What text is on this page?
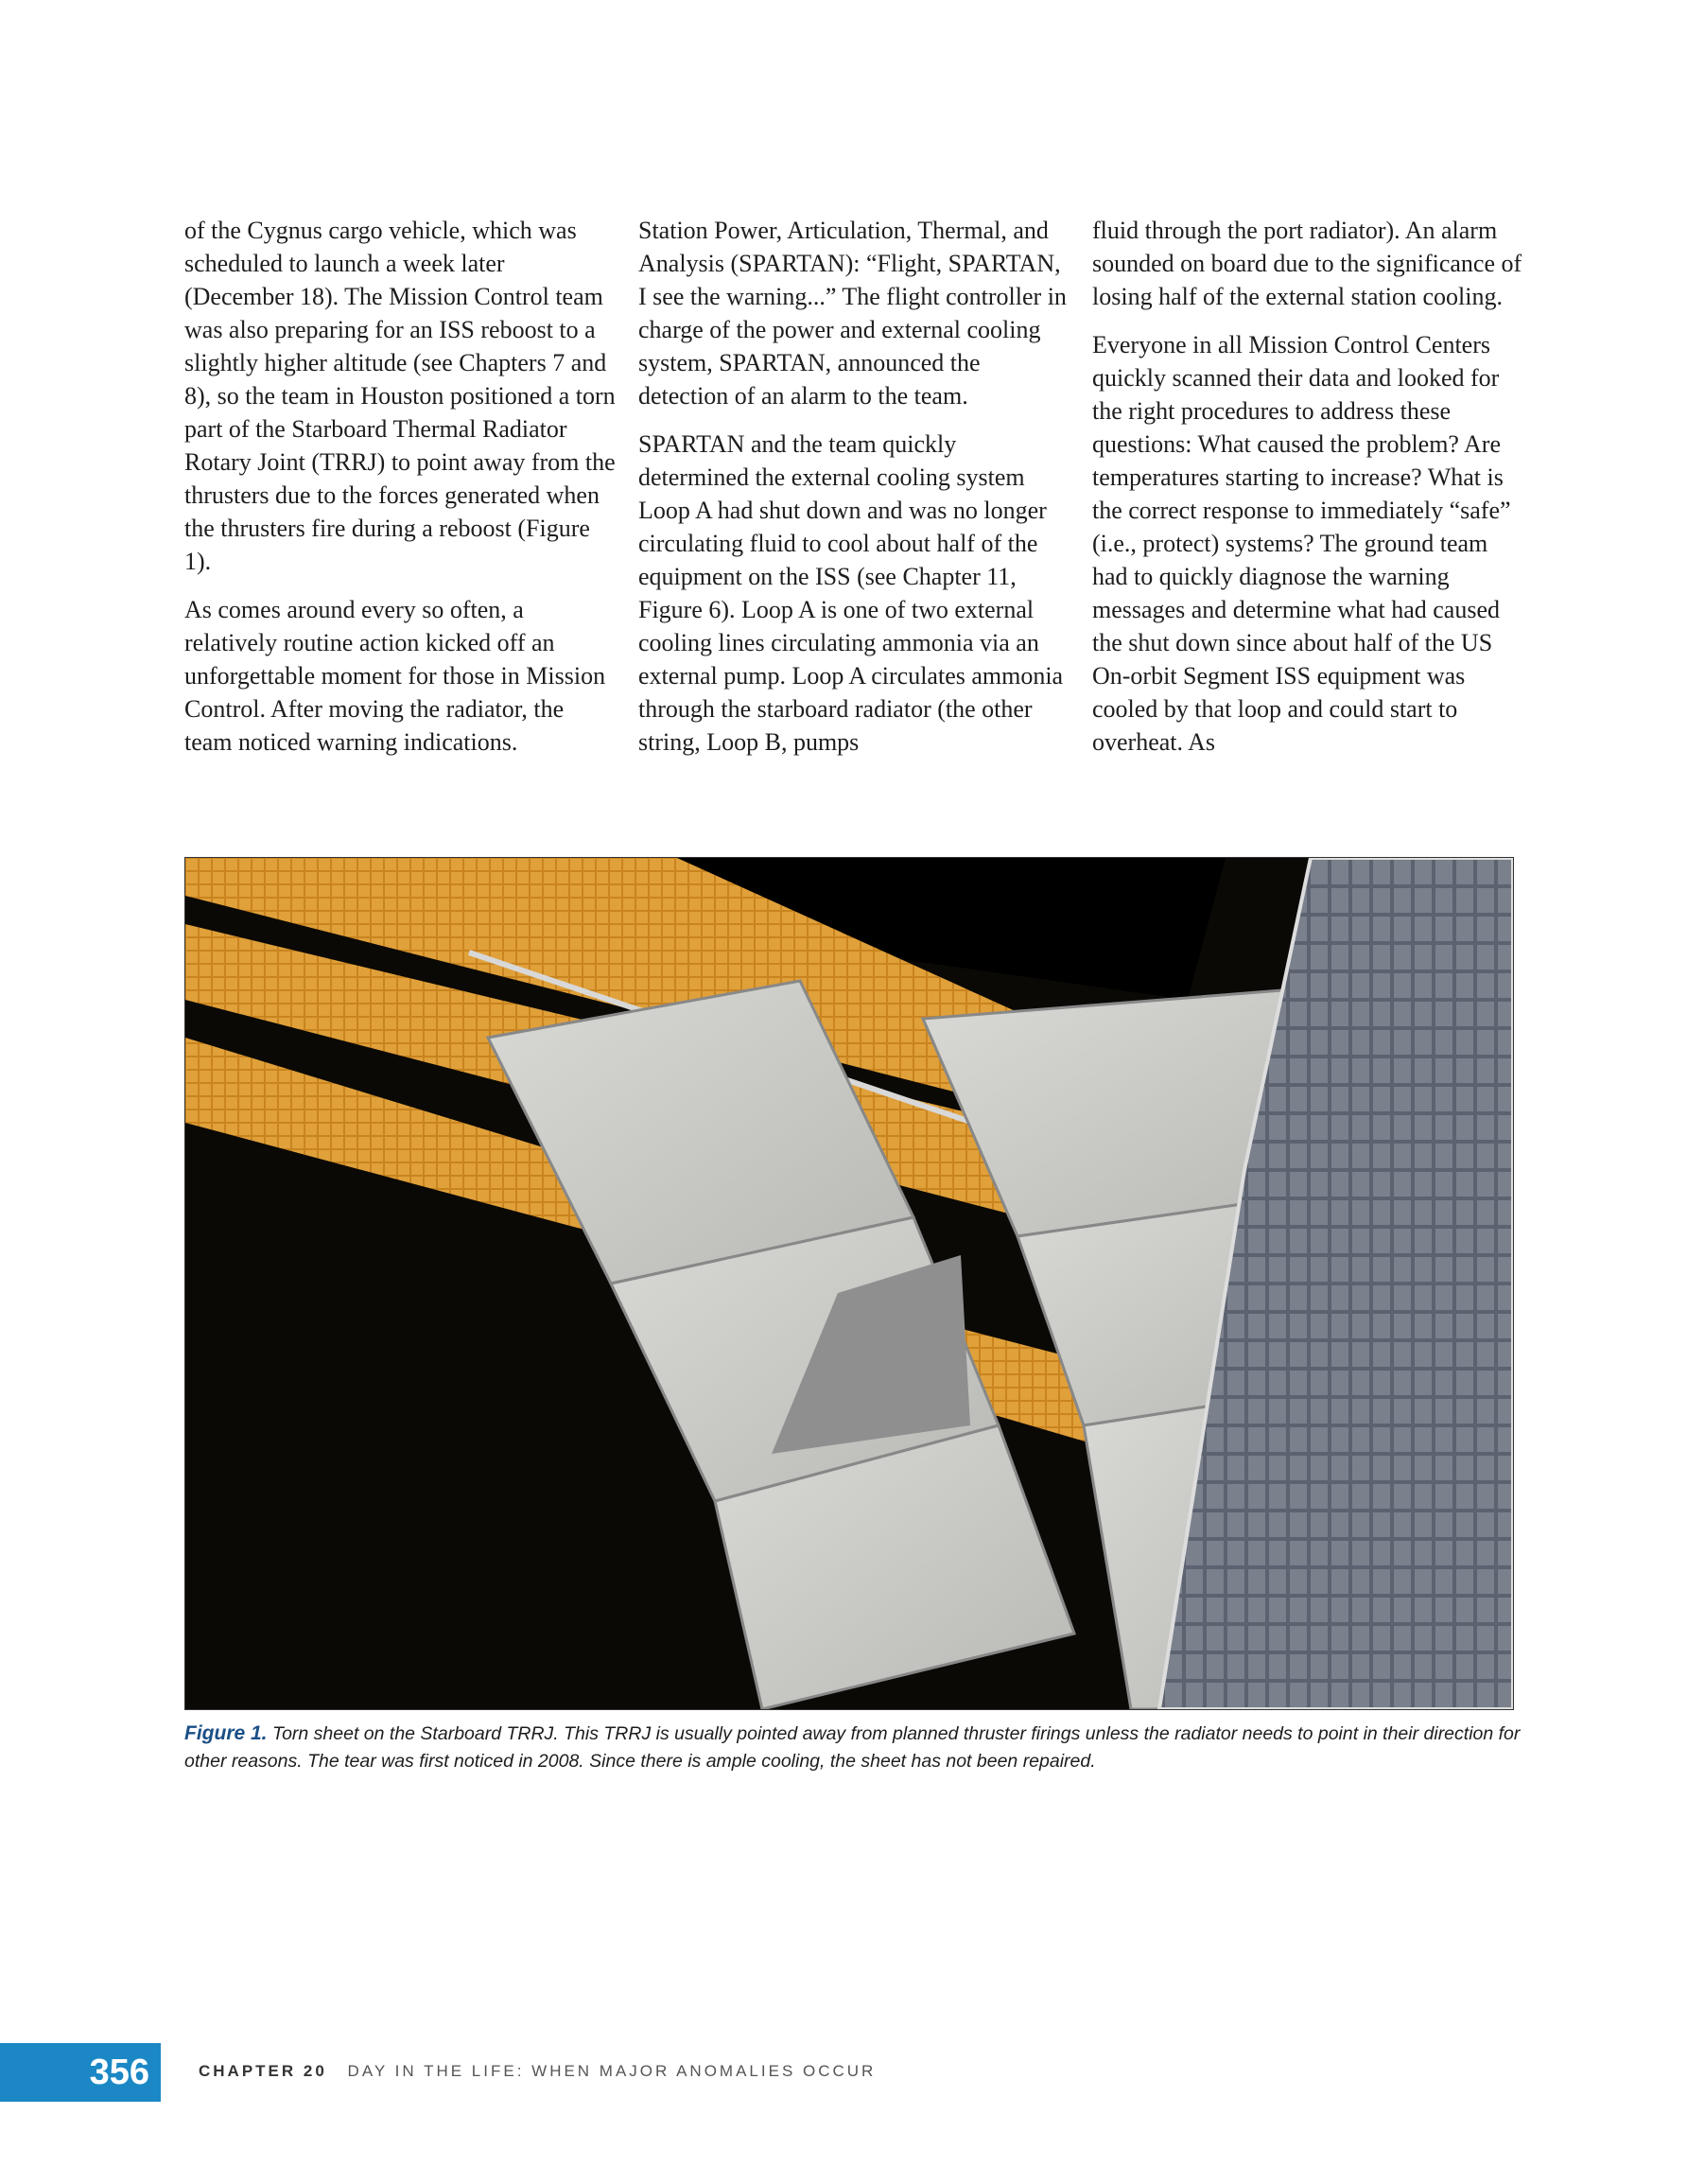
of the Cygnus cargo vehicle, which was scheduled to launch a week later (December 18). The Mission Control team was also preparing for an ISS reboost to a slightly higher altitude (see Chapters 7 and 8), so the team in Houston positioned a torn part of the Starboard Thermal Radiator Rotary Joint (TRRJ) to point away from the thrusters due to the forces generated when the thrusters fire during a reboost (Figure 1).

As comes around every so often, a relatively routine action kicked off an unforgettable moment for those in Mission Control. After moving the radiator, the team noticed warning indications.

Station Power, Articulation, Thermal, and Analysis (SPARTAN): “Flight, SPARTAN, I see the warning...” The flight controller in charge of the power and external cooling system, SPARTAN, announced the detection of an alarm to the team.

SPARTAN and the team quickly determined the external cooling system Loop A had shut down and was no longer circulating fluid to cool about half of the equipment on the ISS (see Chapter 11, Figure 6). Loop A is one of two external cooling lines circulating ammonia via an external pump. Loop A circulates ammonia through the starboard radiator (the other string, Loop B, pumps

fluid through the port radiator). An alarm sounded on board due to the significance of losing half of the external station cooling.

Everyone in all Mission Control Centers quickly scanned their data and looked for the right procedures to address these questions: What caused the problem? Are temperatures starting to increase? What is the correct response to immediately “safe” (i.e., protect) systems? The ground team had to quickly diagnose the warning messages and determine what had caused the shut down since about half of the US On-orbit Segment ISS equipment was cooled by that loop and could start to overheat. As

Figure 1. Torn sheet on the Starboard TRRJ. This TRRJ is usually pointed away from planned thruster firings unless the radiator needs to point in their direction for other reasons. The tear was first noticed in 2008. Since there is ample cooling, the sheet has not been repaired.
356	CHAPTER 20 DAY IN THE LIFE: WHEN MAJOR ANOMALIES OCCUR
